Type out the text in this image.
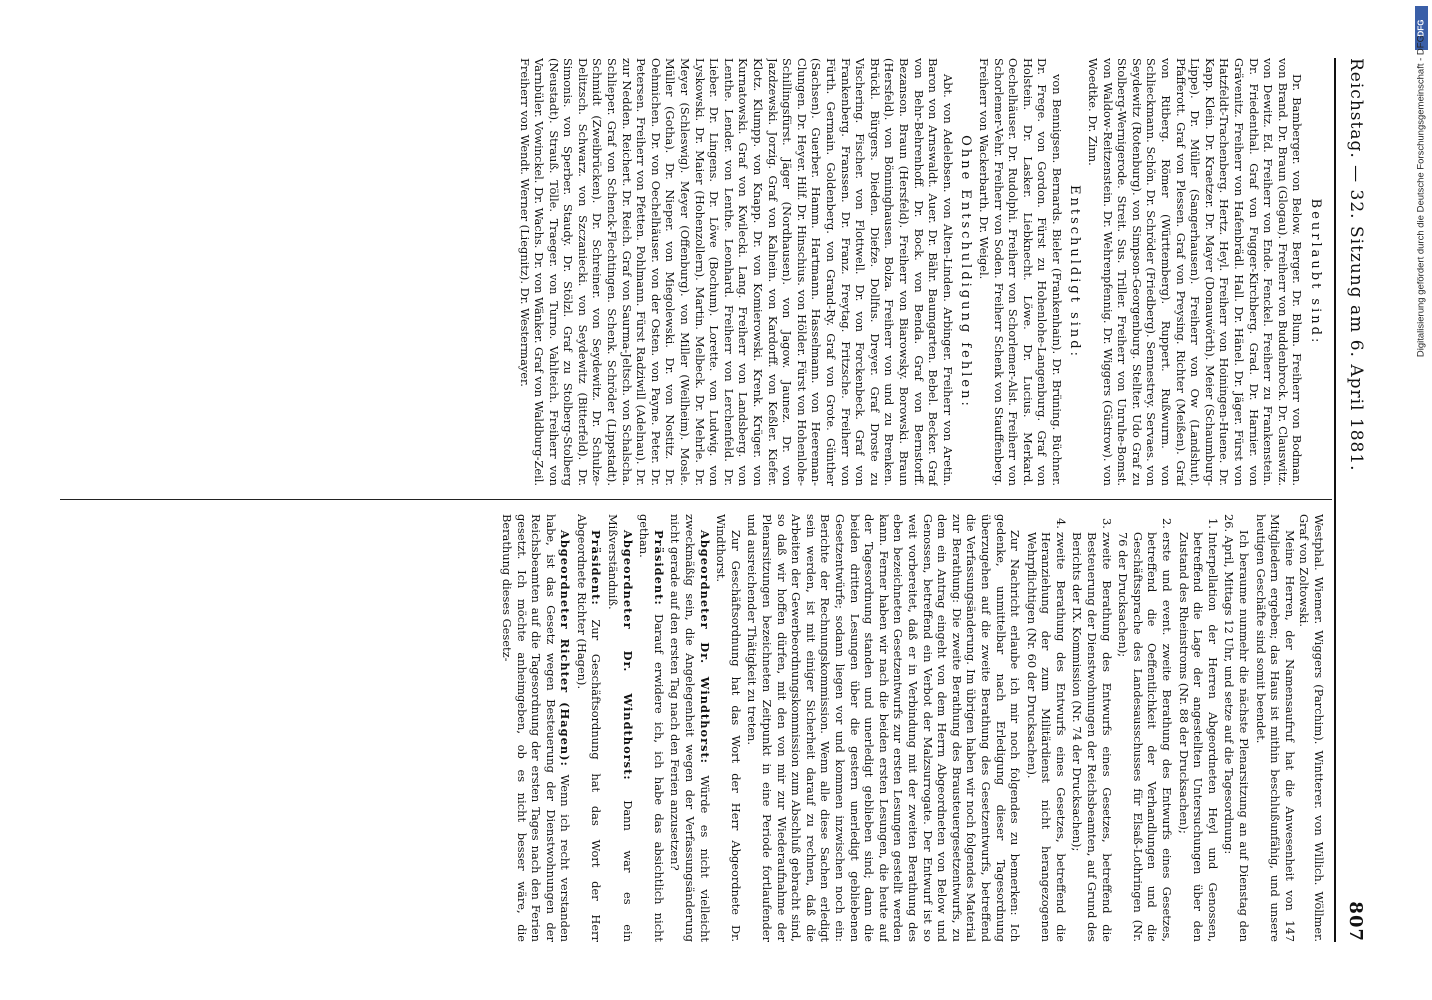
Reichstag. — 32. Sitzung am 6. April 1881.
807
Beurlaubt sind:

Dr. Bamberger. von Below. Berger. Dr. Blum. Freiherr von Bodman. von Brand. Dr. Braun (Glogau). Freiherr von Buddenbrock. Dr. Clauswitz. von Dewitz. Ed. Freiherr von Ende. Fenckel. Freiherr zu Frankenstein. Dr. Friedenthal. Graf von Fugger-Kirchberg. Grad. Dr. Harnier. von Grävenitz. Freiherr von Hafenbrädl. Hall. Dr. Hänel. Dr. Jäger. Fürst von Hatzfeldt-Trachenberg. Hertz. Heyl. Freiherr von Hoiningen-Huene. Dr. Kapp. Klein. Dr. Kraetzer. Dr. Mayer (Donauwörth). Meier (Schaumburg-Lippe). Dr. Müller (Sangerhausen). Freiherr von Ow (Landshut). Pfafferott. Graf von Plessen. Graf von Preysing. Richter (Meißen). Graf von Ritberg. Römer (Württemberg). Ruppert. Rußwurm. von Schlieckmann. Schön. Dr. Schröder (Friedberg). Sennestrey. Servaes. von Seydewitz (Rotenburg). von Simpson-Georgenburg. Stellter. Udo Graf zu Stolberg-Wernigerode. Streit. Sus. Triller. Freiherr von Unruhe-Bomst. von Waldow-Reitzenstein. Dr. Wehrenpfennig. Dr. Wiggers (Güstrow). von Woedtke. Dr. Zinn.

Entschuldigt sind:

von Bennigsen. Bernards. Bieler (Frankenhain). Dr. Brüning. Büchner. Dr. Frege. von Gordon. Fürst zu Hohenlohe-Langenburg. Graf von Holstein. Dr. Lasker. Liebknecht. Löwe. Dr. Lucius. Merkard. Oechelhäuser. Dr. Rudolphi. Freiherr von Schorlemer-Alst. Freiherr von Schorlemer-Vehr. Freiherr von Soden. Freiherr Schenk von Stauffenberg. Freiherr von Wackerbarth. Dr. Weigel.

Ohne Entschuldigung fehlen:

Abt. von Adelebsen. von Alten-Linden. Arbinger. Freiherr von Aretin. Baron von Arnswaldt. Auer. Dr. Bähr. Baumgarten. Bebel. Becker. Graf von Behr-Behrenhoff. Dr. Bock. von Benda. Graf von Bernstorff. Bezanson. Braun (Hersfeld). Freiherr von Biarowsky. Borowski. Braun (Hersfeld). von Bönninghausen. Bolza. Freiherr von und zu Brenken. Brückl. Bürgers. Dieden. Diefze. Dollfus. Dreyer. Graf Droste zu Vischering. Fischer. von Flottwell. Dr. von Forckenbeck. Graf von Frankenberg. Franssen. Dr. Franz. Freytag. Fritzsche. Freiherr von Fürth. Germain. Goldenberg. von Grand-Ry. Graf von Grote. Günther (Sachsen). Guerber. Hamm. Hartmann. Hasselmann. von Heereman-Clungen. Dr. Heyer. Hilf. Dr. Hinschius. von Hölder. Fürst von Hohenlohe-Schillingsfürst. Jäger (Nordhausen). von Jagow. Jaunez. Dr. von Jazdzewski. Jorzig. Graf von Kalnein. von Kardorff. von Keßler. Kiefer. Klotz. Klumpp. von Knapp. Dr. von Komierowski. Krenk. Krüger. von Kurnatowski. Graf von Kwilecki. Lang. Freiherr von Landsberg. von Lenthe. Lender. von Lenthe. Leonhard. Freiherr von Lerchenfeld. Dr. Lieber. Dr. Lingens. Dr. Löwe (Bochum). Lorette. von Ludwig. von Lyskowski. Dr. Maier (Hohenzollern). Martin. Melbeck. Dr. Mehrle. Dr. Meyer (Schleswig). Meyer (Offenburg). von Miller (Weilheim). Mosle. Müller (Gotha). Dr. Nieper. von Miegolewski. Dr. von Nostitz. Dr. Oehmichen. Dr. von Oechelhäuser. von der Osten. von Payne. Peter. Dr. Petersen. Freiherr von Pfetten. Pohlmann. Fürst Radziwill (Adelnau). Dr. zur Nedden. Reichert. Dr. Reich. Graf von Saurma-Jeltsch. von Schalscha. Schlieper. Graf von Schenck-Flechtingen. Schenk. Schröder (Lippstadt). Schmidt (Zweibrücken). Dr. Schreiner. von Seydewitz. Dr. Schulze-Delitzsch. Schwarz. von Szczaniecki. von Seydewitz (Bitterfeld). Dr. Simonis. von Sperber. Staudy. Dr. Stölzl. Graf zu Stolberg-Stolberg (Neustadt). Strauß. Tölle. Traeger. von Turno. Vahlteich. Freiherr von Varnbüler. Vowinckel. Dr. Wachs. Dr. von Wänker. Graf von Waldburg-Zeil. Freiherr von Wendt. Werner (Liegnitz). Dr. Westermayer.

Westphal. Wiemer. Wiggers (Parchim). Wintterer. von Willich. Wöllmer. Graf von Zoltowski.

Meine Herren, der Namensaufruf hat die Anwesenheit von 147 Mitgliedern ergeben; das Haus ist mithin beschlußunfähig, und unsere heutigen Geschäfte sind somit beendet.

Ich beraume nunmehr die nächste Plenarsitzung an auf Dienstag den 26. April, Mittags 12 Uhr, und setze auf die Tagesordnung:

1.Interpellation der Herren Abgeordneten Heyl und Genossen, betreffend die Lage der angestellten Untersuchungen über den Zustand des Rheinstroms (Nr. 88 der Drucksachen);

2.erste und event. zweite Berathung des Entwurfs eines Gesetzes, betreffend die Oeffentlichkeit der Verhandlungen und die Geschäftssprache des Landesausschusses für Elsaß-Lothringen (Nr. 76 der Drucksachen);

3.zweite Berathung des Entwurfs eines Gesetzes, betreffend die Besteuerung der Dienstwohnungen der Reichsbeamten, auf Grund des Berichts der IX. Kommission (Nr. 74 der Drucksachen);

4.zweite Berathung des Entwurfs eines Gesetzes, betreffend die Heranziehung der zum Militärdienst nicht herangezogenen Wehrpflichtigen (Nr. 60 der Drucksachen).

Zur Nachricht erlaube ich mir noch folgendes zu bemerken: Ich gedenke, unmittelbar nach Erledigung dieser Tagesordnung überzugehen auf die zweite Berathung des Gesetzentwurfs, betreffend die Verfassungsänderung. Im übrigen haben wir noch folgendes Material zur Berathung: Die zweite Berathung des Brausteuergesetzentwurfs, zu dem ein Antrag eingeht von dem Herrn Abgeordneten von Below und Genossen, betreffend ein Verbot der Malzsurrogate. Der Entwurf ist so weit vorbereitet, daß er in Verbindung mit der zweiten Berathung des eben bezeichneten Gesetzentwurfs zur ersten Lesungen gestellt werden kann. Ferner haben wir nach die beiden ersten Lesungen, die heute auf der Tagesordnung standen und unerledigt geblieben sind; dann die beiden dritten Lesungen über die gestern unerledigt gebliebenen Gesetzentwürfe; sodann liegen vor und kommen inzwischen noch ein: Berichte der Rechnungskommission. Wenn alle diese Sachen erledigt sein werden, ist mit einiger Sicherheit darauf zu rechnen, daß die Arbeiten der Gewerbeordnungskommission zum Abschluß gebracht sind, so daß wir hoffen dürfen, mit den von mir zur Wiederaufnahme der Plenarsitzungen bezeichneten Zeitpunkt in eine Periode fortlaufender und ausreichender Thätigkeit zu treten.

Zur Geschäftsordnung hat das Wort der Herr Abgeordnete Dr. Windthorst.

Abgeordneter Dr. Windthorst: Würde es nicht vielleicht zweckmäßig sein, die Angelegenheit wegen der Verfassungsänderung nicht gerade auf den ersten Tag nach den Ferien anzusetzen?

Präsident: Darauf erwidere ich, ich habe das absichtlich nicht gethan.

Abgeordneter Dr. Windthorst: Dann war es ein Mißverständniß.

Präsident: Zur Geschäftsordnung hat das Wort der Herr Abgeordnete Richter (Hagen).

Abgeordneter Richter (Hagen): Wenn ich recht verstanden habe, ist das Gesetz wegen Besteuerung der Dienstwohnungen der Reichsbeamten auf die Tagesordnung der ersten Tages nach den Ferien gesetzt. Ich möchte anheimgeben, ob es nicht besser wäre, die Berathung dieses Gesetz-

DFG
Digitalisierung gefördert durch die Deutsche Forschungsgemeinschaft - DFG
